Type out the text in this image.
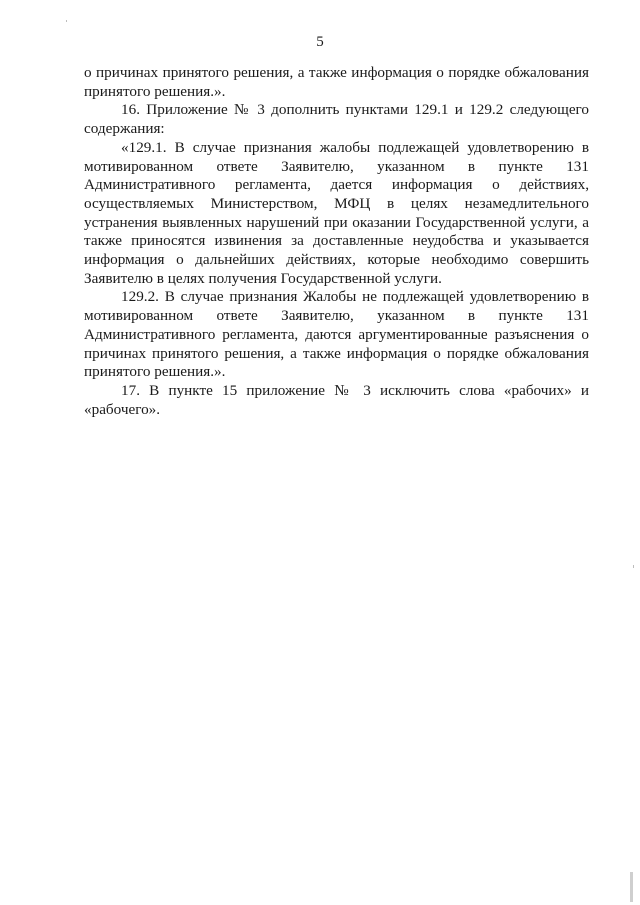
5

о причинах принятого решения, а также информация о порядке обжалования принятого решения.».

16. Приложение № 3 дополнить пунктами 129.1 и 129.2 следующего содержания:

«129.1. В случае признания жалобы подлежащей удовлетворению в мотивированном ответе Заявителю, указанном в пункте 131 Административного регламента, дается информация о действиях, осуществляемых Министерством, МФЦ в целях незамедлительного устранения выявленных нарушений при оказании Государственной услуги, а также приносятся извинения за доставленные неудобства и указывается информация о дальнейших действиях, которые необходимо совершить Заявителю в целях получения Государственной услуги.

129.2. В случае признания Жалобы не подлежащей удовлетворению в мотивированном ответе Заявителю, указанном в пункте 131 Административного регламента, даются аргументированные разъяснения о причинах принятого решения, а также информация о порядке обжалования принятого решения.».

17. В пункте 15 приложение № 3 исключить слова «рабочих» и «рабочего».
